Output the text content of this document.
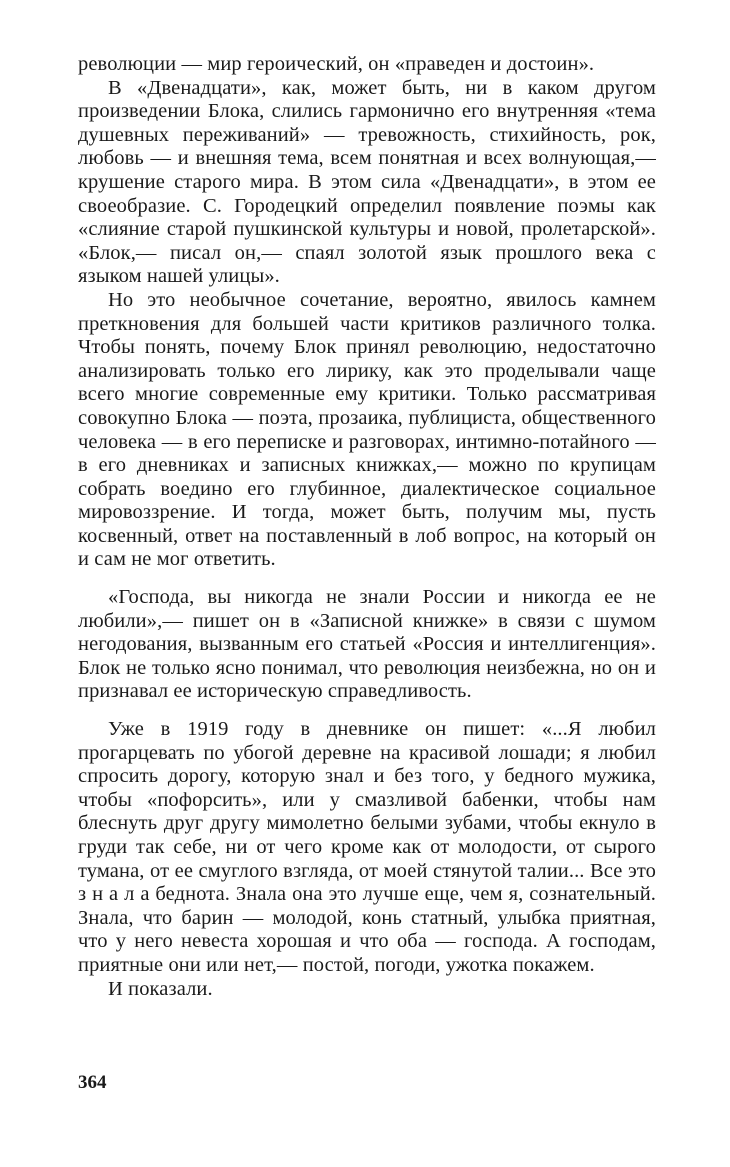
революции — мир героический, он «праведен и достоин».

В «Двенадцати», как, может быть, ни в каком другом произведении Блока, слились гармонично его внутренняя «тема душевных переживаний» — тревожность, стихийность, рок, любовь — и внешняя тема, всем понятная и всех волнующая,— крушение старого мира. В этом сила «Двенадцати», в этом ее своеобразие. С. Городецкий определил появление поэмы как «слияние старой пушкинской культуры и новой, пролетарской». «Блок,— писал он,— спаял золотой язык прошлого века с языком нашей улицы».

Но это необычное сочетание, вероятно, явилось камнем преткновения для большей части критиков различного толка. Чтобы понять, почему Блок принял революцию, недостаточно анализировать только его лирику, как это проделывали чаще всего многие современные ему критики. Только рассматривая совокупно Блока — поэта, прозаика, публициста, общественного человека — в его переписке и разговорах, интимно-потайного — в его дневниках и записных книжках,— можно по крупицам собрать воедино его глубинное, диалектическое социальное мировоззрение. И тогда, может быть, получим мы, пусть косвенный, ответ на поставленный в лоб вопрос, на который он и сам не мог ответить.

«Господа, вы никогда не знали России и никогда ее не любили»,— пишет он в «Записной книжке» в связи с шумом негодования, вызванным его статьей «Россия и интеллигенция». Блок не только ясно понимал, что революция неизбежна, но он и признавал ее историческую справедливость.

Уже в 1919 году в дневнике он пишет: «...Я любил прогарцевать по убогой деревне на красивой лошади; я любил спросить дорогу, которую знал и без того, у бедного мужика, чтобы «пофорсить», или у смазливой бабенки, чтобы нам блеснуть друг другу мимолетно белыми зубами, чтобы екнуло в груди так себе, ни от чего кроме как от молодости, от сырого тумана, от ее смуглого взгляда, от моей стянутой талии... Все это з н а л а беднота. Знала она это лучше еще, чем я, сознательный. Знала, что барин — молодой, конь статный, улыбка приятная, что у него невеста хорошая и что оба — господа. А господам, приятные они или нет,— постой, погоди, ужотка покажем.

И показали.

364
